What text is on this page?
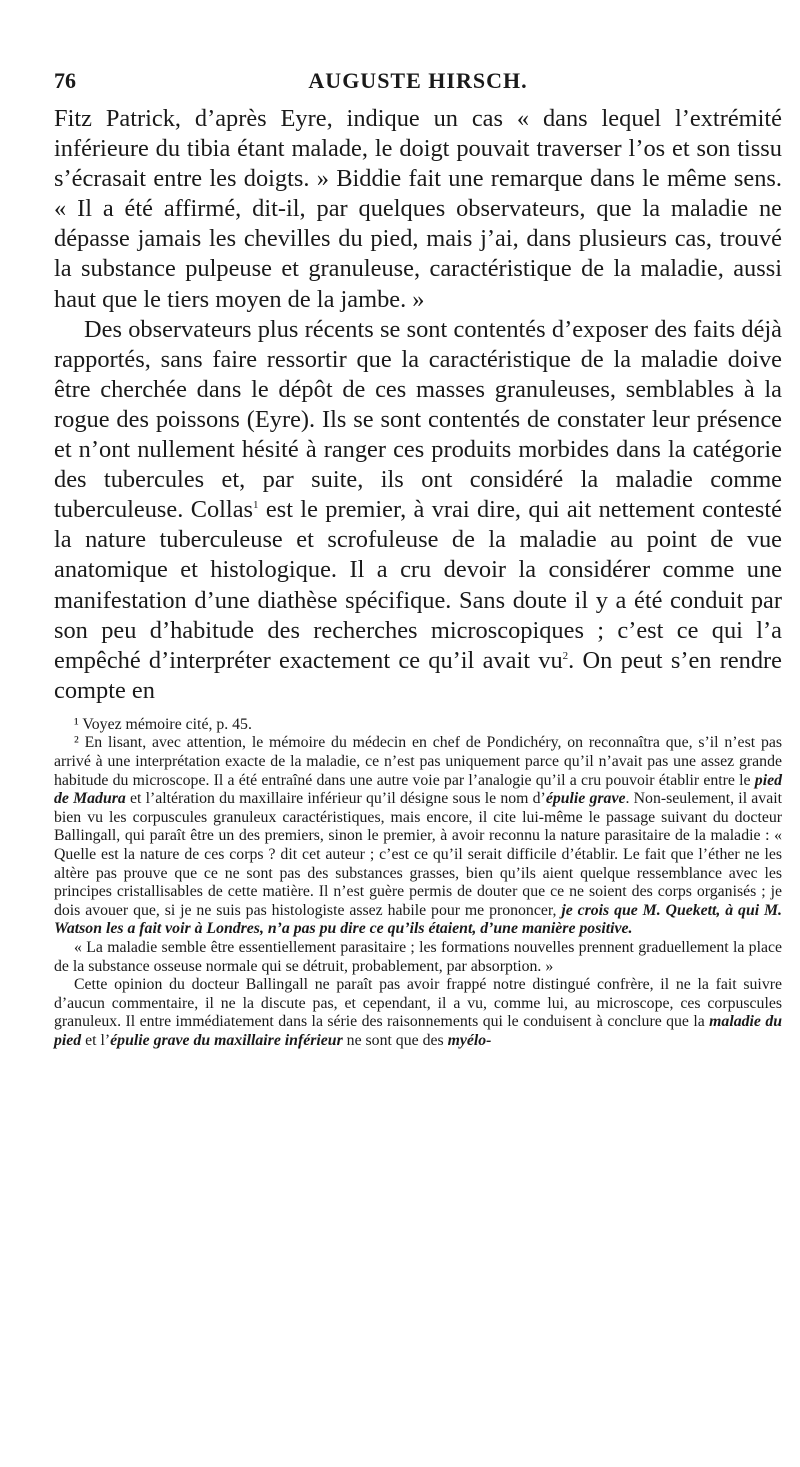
76	AUGUSTE HIRSCH.

Fitz Patrick, d’après Eyre, indique un cas « dans lequel l’extrémité inférieure du tibia étant malade, le doigt pouvait traverser l’os et son tissu s’écrasait entre les doigts. » Biddie fait une remarque dans le même sens. « Il a été affirmé, dit-il, par quelques observateurs, que la maladie ne dépasse jamais les chevilles du pied, mais j’ai, dans plusieurs cas, trouvé la substance pulpeuse et granuleuse, caractéristique de la maladie, aussi haut que le tiers moyen de la jambe. »

Des observateurs plus récents se sont contentés d’exposer des faits déjà rapportés, sans faire ressortir que la caractéristique de la maladie doive être cherchée dans le dépôt de ces masses granuleuses, semblables à la rogue des poissons (Eyre). Ils se sont contentés de constater leur présence et n’ont nullement hésité à ranger ces produits morbides dans la catégorie des tubercules et, par suite, ils ont considéré la maladie comme tuberculeuse. Collas$^1$ est le premier, à vrai dire, qui ait nettement contesté la nature tuberculeuse et scrofuleuse de la maladie au point de vue anatomique et histologique. Il a cru devoir la considérer comme une manifestation d’une diathèse spécifique. Sans doute il y a été conduit par son peu d’habitude des recherches microscopiques ; c’est ce qui l’a empêché d’interpréter exactement ce qu’il avait $vu^2$. On peut s’en rendre compte en

¹ Voyez mémoire cité, p. 45.

² En lisant, avec attention, le mémoire du médecin en chef de Pondichéry, on reconnaîtra que, s’il n’est pas arrivé à une interprétation exacte de la maladie, ce n’est pas uniquement parce qu’il n’avait pas une assez grande habitude du microscope. Il a été entraîné dans une autre voie par l’analogie qu’il a cru pouvoir établir entre le pied de Madura et l’altération du maxillaire inférieur qu’il désigne sous le nom d’épulie grave. Non-seulement, il avait bien vu les corpuscules granuleux caractéristiques, mais encore, il cite lui-même le passage suivant du docteur Ballingall, qui paraît être un des premiers, sinon le premier, à avoir reconnu la nature parasitaire de la maladie : « Quelle est la nature de ces corps ? dit cet auteur ; c’est ce qu’il serait difficile d’établir. Le fait que l’éther ne les altère pas prouve que ce ne sont pas des substances grasses, bien qu’ils aient quelque ressemblance avec les principes cristallisables de cette matière. Il n’est guère permis de douter que ce ne soient des corps organisés ; je dois avouer que, si je ne suis pas histologiste assez habile pour me prononcer, je crois que M. Quekett, à qui M. Watson les a fait voir à Londres, n’a pas pu dire ce qu’ils étaient, d’une manière positive.

« La maladie semble être essentiellement parasitaire ; les formations nouvelles prennent graduellement la place de la substance osseuse normale qui se détruit, probablement, par absorption. »

Cette opinion du docteur Ballingall ne paraît pas avoir frappé notre distingué confrère, il ne la fait suivre d’aucun commentaire, il ne la discute pas, et cependant, il a vu, comme lui, au microscope, ces corpuscules granuleux. Il entre immédiatement dans la série des raisonnements qui le conduisent à conclure que la maladie du pied et l’épulie grave du maxillaire inférieur ne sont que des myélo-
